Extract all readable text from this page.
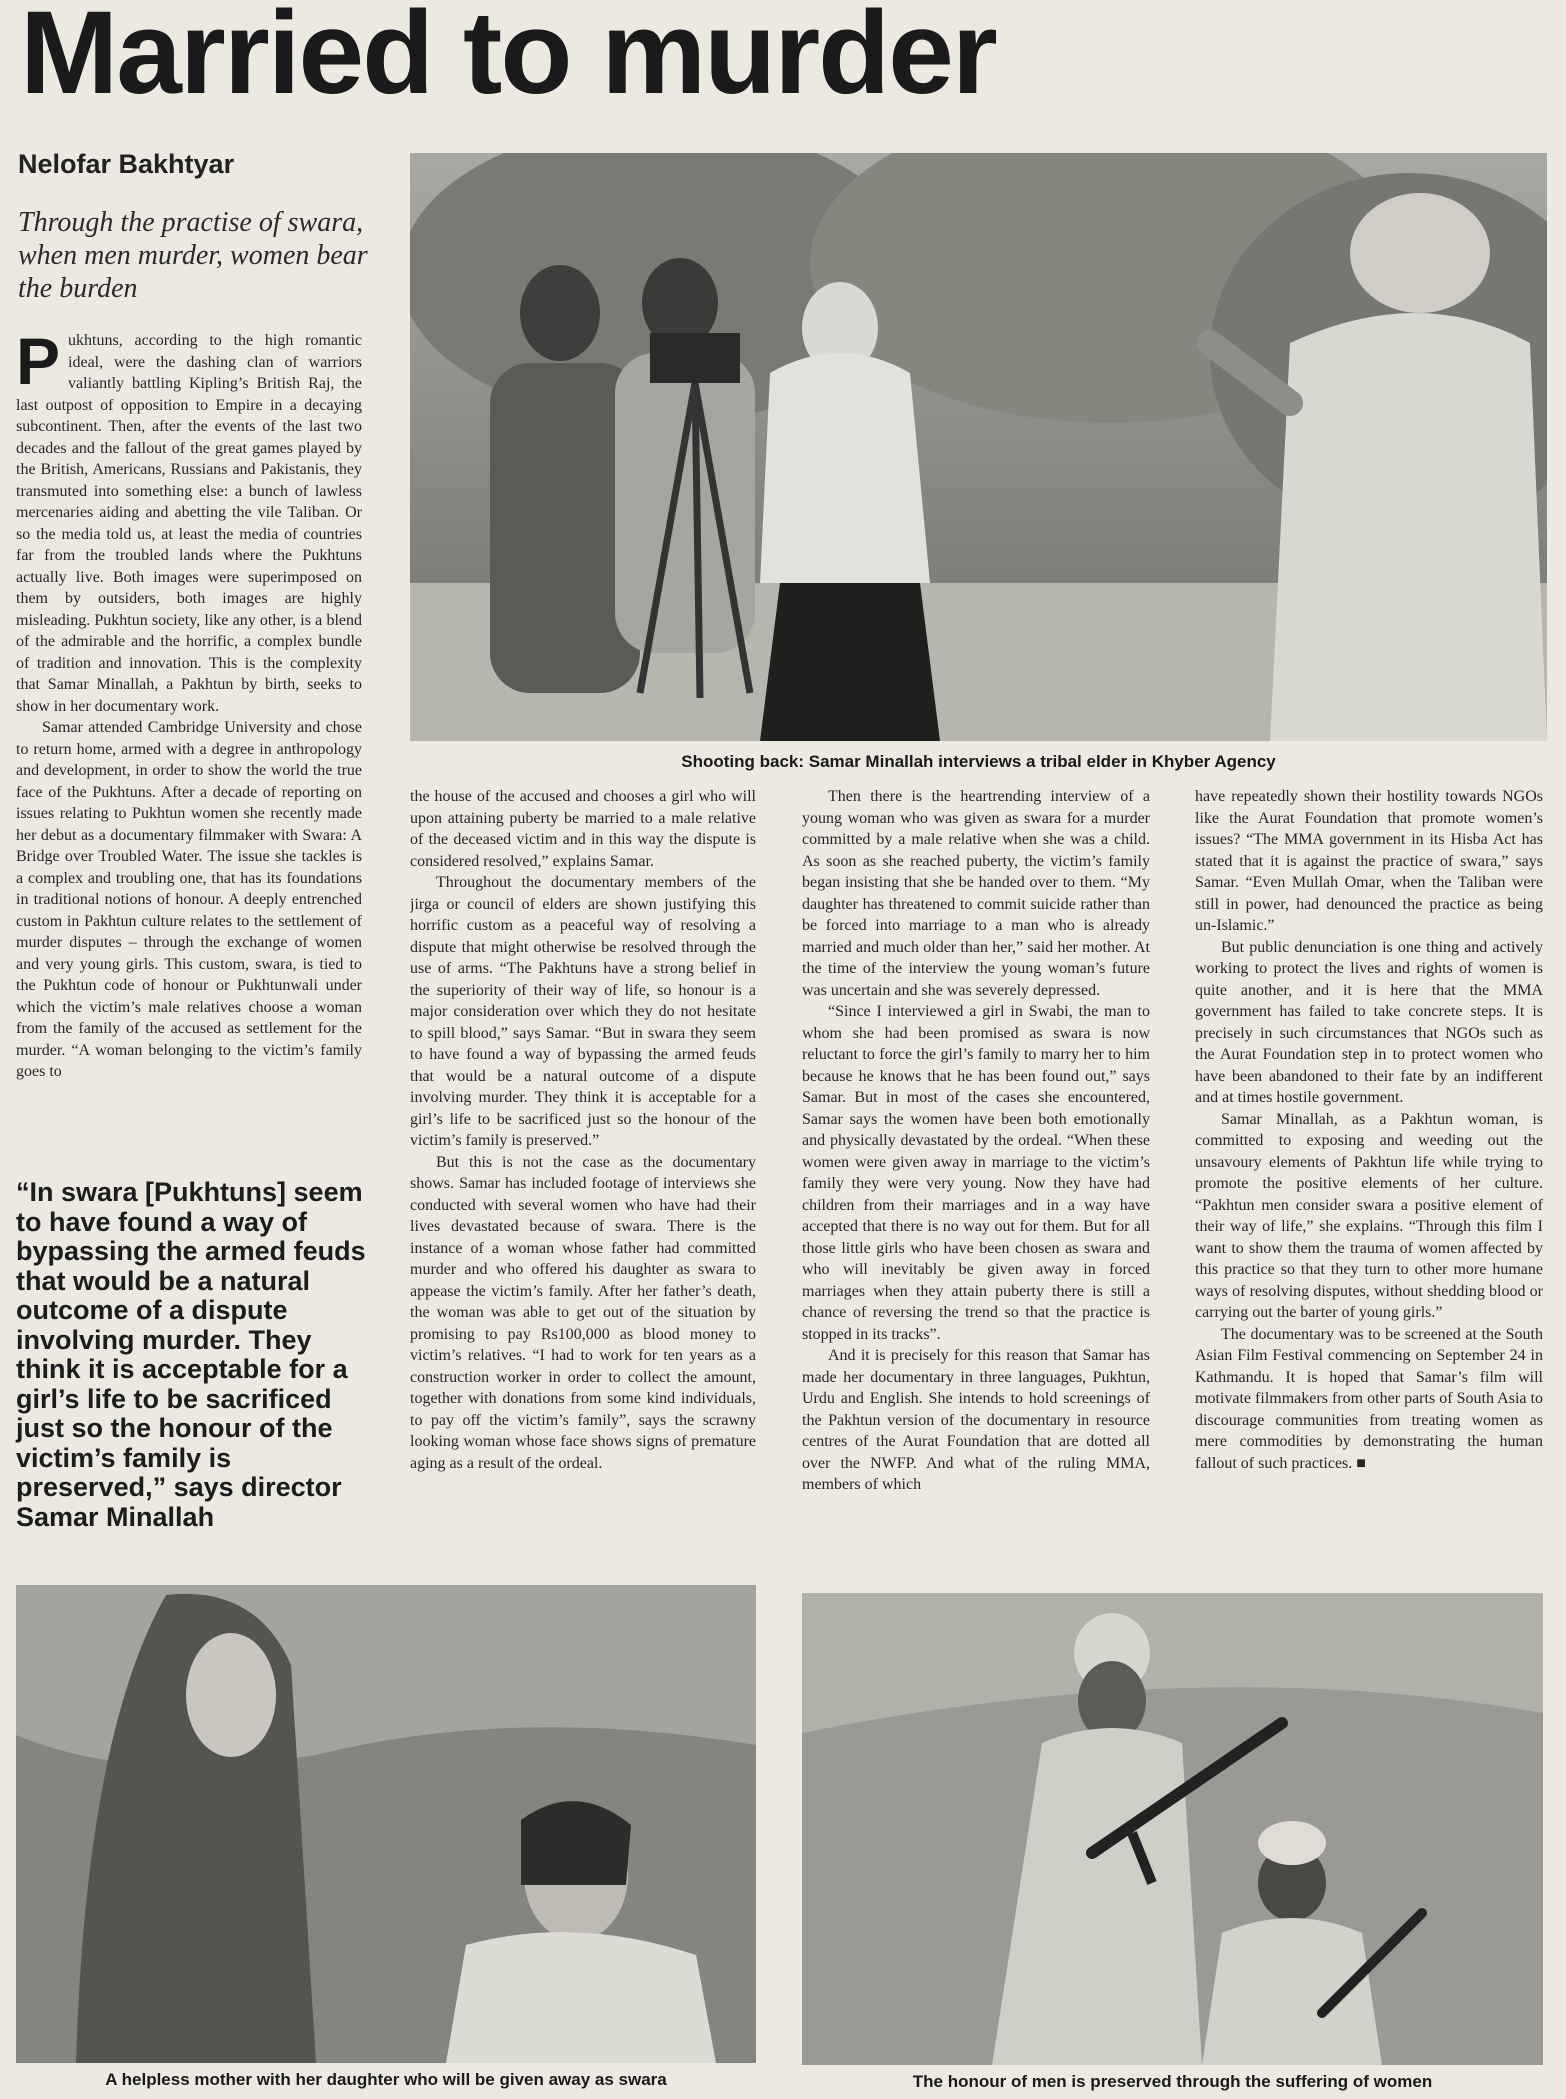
Married to murder
Nelofar Bakhtyar
Through the practise of swara, when men murder, women bear the burden
Shooting back: Samar Minallah interviews a tribal elder in Khyber Agency

Pukhtuns, according to the high romantic ideal, were the dashing clan of warriors valiantly battling Kipling’s British Raj, the last outpost of opposition to Empire in a decaying subcontinent. Then, after the events of the last two decades and the fallout of the great games played by the British, Americans, Russians and Pakistanis, they transmuted into something else: a bunch of lawless mercenaries aiding and abetting the vile Taliban. Or so the media told us, at least the media of countries far from the troubled lands where the Pukhtuns actually live. Both images were superimposed on them by outsiders, both images are highly misleading. Pukhtun society, like any other, is a blend of the admirable and the horrific, a complex bundle of tradition and innovation. This is the complexity that Samar Minallah, a Pakhtun by birth, seeks to show in her documentary work.

Samar attended Cambridge University and chose to return home, armed with a degree in anthropology and development, in order to show the world the true face of the Pukhtuns. After a decade of reporting on issues relating to Pukhtun women she recently made her debut as a documentary filmmaker with Swara: A Bridge over Troubled Water. The issue she tackles is a complex and troubling one, that has its foundations in traditional notions of honour. A deeply entrenched custom in Pakhtun culture relates to the settlement of murder disputes – through the exchange of women and very young girls. This custom, swara, is tied to the Pukhtun code of honour or Pukhtunwali under which the victim’s male relatives choose a woman from the family of the accused as settlement for the murder. “A woman belonging to the victim’s family goes to

“In swara [Pukhtuns] seem to have found a way of bypassing the armed feuds that would be a natural outcome of a dispute involving murder. They think it is acceptable for a girl’s life to be sacrificed just so the honour of the victim’s family is preserved,” says director Samar Minallah

the house of the accused and chooses a girl who will upon attaining puberty be married to a male relative of the deceased victim and in this way the dispute is considered resolved,” explains Samar.

Throughout the documentary members of the jirga or council of elders are shown justifying this horrific custom as a peaceful way of resolving a dispute that might otherwise be resolved through the use of arms. “The Pakhtuns have a strong belief in the superiority of their way of life, so honour is a major consideration over which they do not hesitate to spill blood,” says Samar. “But in swara they seem to have found a way of bypassing the armed feuds that would be a natural outcome of a dispute involving murder. They think it is acceptable for a girl’s life to be sacrificed just so the honour of the victim’s family is preserved.”

But this is not the case as the documentary shows. Samar has included footage of interviews she conducted with several women who have had their lives devastated because of swara. There is the instance of a woman whose father had committed murder and who offered his daughter as swara to appease the victim’s family. After her father’s death, the woman was able to get out of the situation by promising to pay Rs100,000 as blood money to victim’s relatives. “I had to work for ten years as a construction worker in order to collect the amount, together with donations from some kind individuals, to pay off the victim’s family”, says the scrawny looking woman whose face shows signs of premature aging as a result of the ordeal.

Then there is the heartrending interview of a young woman who was given as swara for a murder committed by a male relative when she was a child. As soon as she reached puberty, the victim’s family began insisting that she be handed over to them. “My daughter has threatened to commit suicide rather than be forced into marriage to a man who is already married and much older than her,” said her mother. At the time of the interview the young woman’s future was uncertain and she was severely depressed.

“Since I interviewed a girl in Swabi, the man to whom she had been promised as swara is now reluctant to force the girl’s family to marry her to him because he knows that he has been found out,” says Samar. But in most of the cases she encountered, Samar says the women have been both emotionally and physically devastated by the ordeal. “When these women were given away in marriage to the victim’s family they were very young. Now they have had children from their marriages and in a way have accepted that there is no way out for them. But for all those little girls who have been chosen as swara and who will inevitably be given away in forced marriages when they attain puberty there is still a chance of reversing the trend so that the practice is stopped in its tracks”.

And it is precisely for this reason that Samar has made her documentary in three languages, Pukhtun, Urdu and English. She intends to hold screenings of the Pakhtun version of the documentary in resource centres of the Aurat Foundation that are dotted all over the NWFP. And what of the ruling MMA, members of which

have repeatedly shown their hostility towards NGOs like the Aurat Foundation that promote women’s issues? “The MMA government in its Hisba Act has stated that it is against the practice of swara,” says Samar. “Even Mullah Omar, when the Taliban were still in power, had denounced the practice as being un-Islamic.”

But public denunciation is one thing and actively working to protect the lives and rights of women is quite another, and it is here that the MMA government has failed to take concrete steps. It is precisely in such circumstances that NGOs such as the Aurat Foundation step in to protect women who have been abandoned to their fate by an indifferent and at times hostile government.

Samar Minallah, as a Pakhtun woman, is committed to exposing and weeding out the unsavoury elements of Pakhtun life while trying to promote the positive elements of her culture. “Pakhtun men consider swara a positive element of their way of life,” she explains. “Through this film I want to show them the trauma of women affected by this practice so that they turn to other more humane ways of resolving disputes, without shedding blood or carrying out the barter of young girls.”

The documentary was to be screened at the South Asian Film Festival commencing on September 24 in Kathmandu. It is hoped that Samar’s film will motivate filmmakers from other parts of South Asia to discourage communities from treating women as mere commodities by demonstrating the human fallout of such practices. ■

A helpless mother with her daughter who will be given away as swara	The honour of men is preserved through the suffering of women
